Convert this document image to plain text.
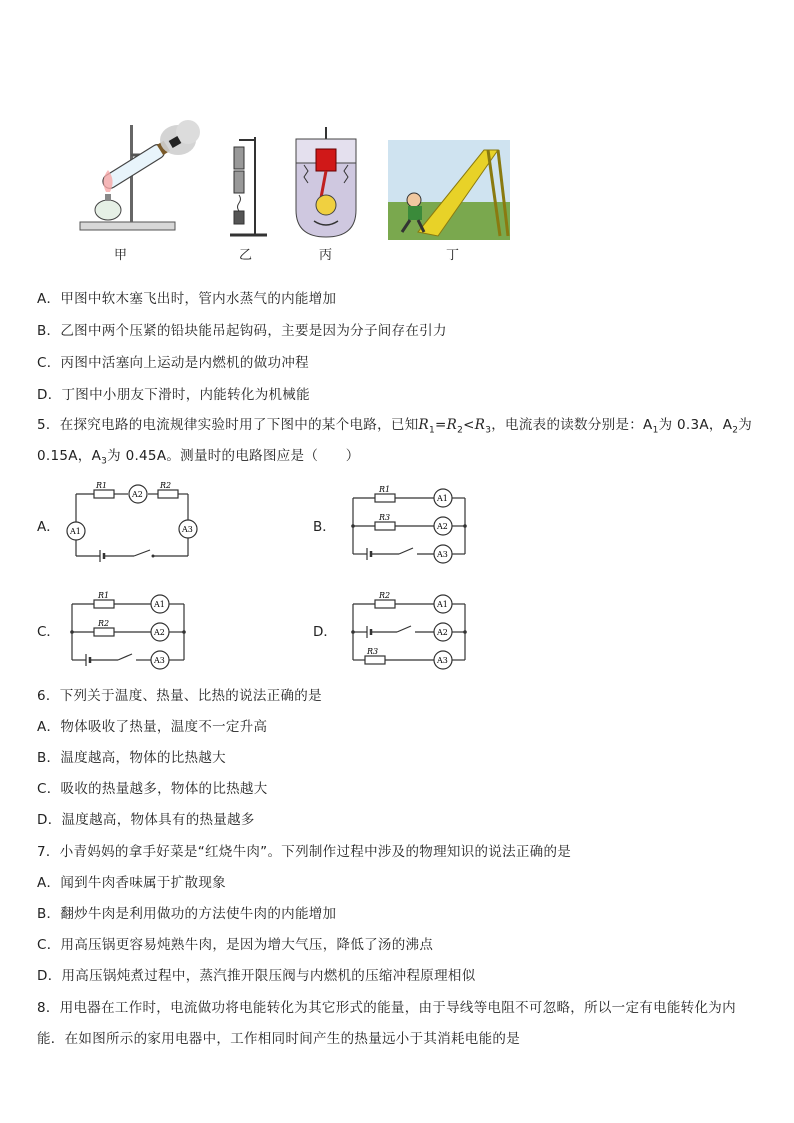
甲	乙	丙	丁
A．甲图中软木塞飞出时，管内水蒸气的内能增加
B．乙图中两个压紧的铅块能吊起钩码，主要是因为分子间存在引力
C．丙图中活塞向上运动是内燃机的做功冲程
D．丁图中小朋友下滑时，内能转化为机械能
5．在探究电路的电流规律实验时用了下图中的某个电路，已知$R_1=R_2<R_3$，电流表的读数分别是：$A_1$为 0.3A，$A_2$为
0.15A，$A_3$为 0.45A。测量时的电路图应是（　　）
A．	B．
C．	D．
R1	R2
A2
A1	A3
R1
R3
A1
A2
A3
R1
R2
A1
A2
A3
R2
R3
A1
A2
A3
6．下列关于温度、热量、比热的说法正确的是
A．物体吸收了热量，温度不一定升高
B．温度越高，物体的比热越大
C．吸收的热量越多，物体的比热越大
D．温度越高，物体具有的热量越多
7．小青妈妈的拿手好菜是“红烧牛肉”。下列制作过程中涉及的物理知识的说法正确的是
A．闻到牛肉香味属于扩散现象
B．翻炒牛肉是利用做功的方法使牛肉的内能增加
C．用高压锅更容易炖熟牛肉，是因为增大气压，降低了汤的沸点
D．用高压锅炖煮过程中，蒸汽推开限压阀与内燃机的压缩冲程原理相似
8．用电器在工作时，电流做功将电能转化为其它形式的能量，由于导线等电阻不可忽略，所以一定有电能转化为内
能．在如图所示的家用电器中，工作相同时间产生的热量远小于其消耗电能的是
